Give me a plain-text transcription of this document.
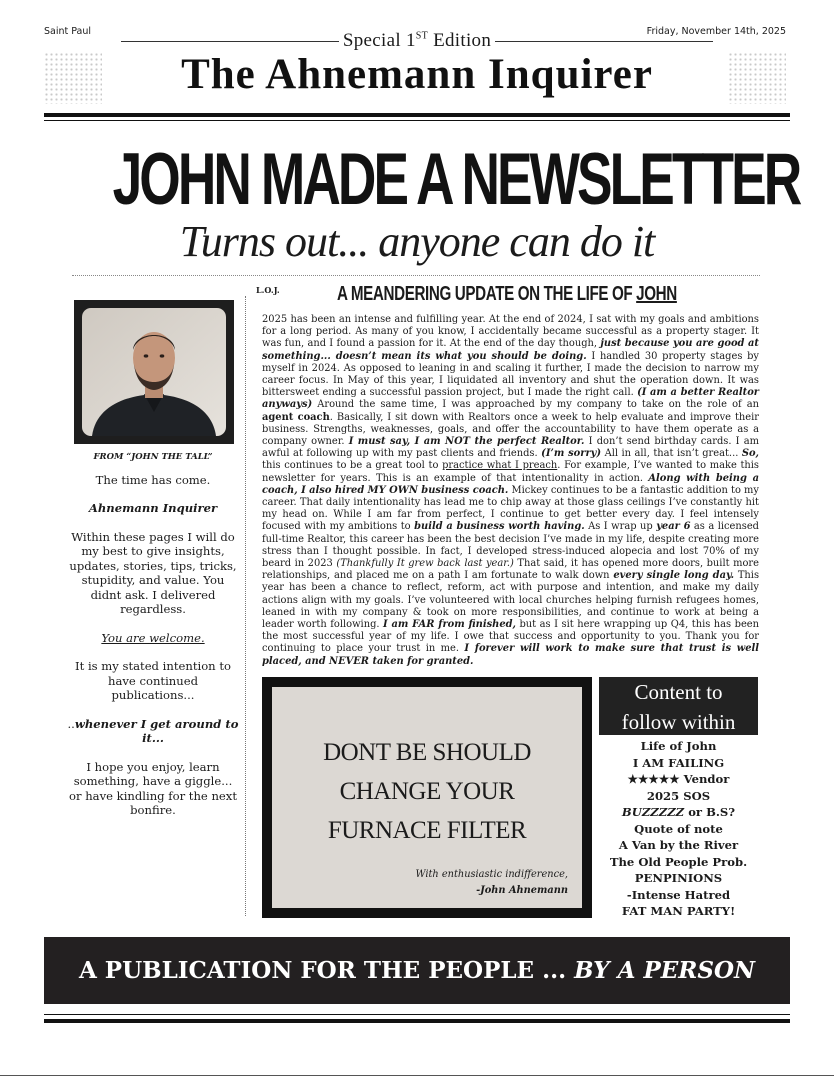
Saint Paul	Friday, November 14th, 2025
Special 1ST Edition
The Ahnemann Inquirer
JOHN MADE A NEWSLETTER
Turns out... anyone can do it

FROM “JOHN THE TALL”

The time has come.

Ahnemann Inquirer

Within these pages I will do my best to give insights, updates, stories, tips, tricks, stupidity, and value. You didnt ask. I delivered regardless.

You are welcome.

It is my stated intention to have continued publications...

..whenever I get around to it...

I hope you enjoy, learn something, have a giggle... or have kindling for the next bonfire.

L.O.J.	A MEANDERING UPDATE ON THE LIFE OF JOHN
2025 has been an intense and fulfilling year. At the end of 2024, I sat with my goals and ambitions for a long period. As many of you know, I accidentally became successful as a property stager. It was fun, and I found a passion for it. At the end of the day though, just because you are good at something... doesn’t mean its what you should be doing. I handled 30 property stages by myself in 2024. As opposed to leaning in and scaling it further, I made the decision to narrow my career focus. In May of this year, I liquidated all inventory and shut the operation down. It was bittersweet ending a successful passion project, but I made the right call. (I am a better Realtor anyways) Around the same time, I was approached by my company to take on the role of an agent coach. Basically, I sit down with Realtors once a week to help evaluate and improve their business. Strengths, weaknesses, goals, and offer the accountability to have them operate as a company owner. I must say, I am NOT the perfect Realtor. I don’t send birthday cards. I am awful at following up with my past clients and friends. (I’m sorry) All in all, that isn’t great... So, this continues to be a great tool to practice what I preach. For example, I’ve wanted to make this newsletter for years. This is an example of that intentionality in action. Along with being a coach, I also hired MY OWN business coach. Mickey continues to be a fantastic addition to my career. That daily intentionality has lead me to chip away at those glass ceilings I’ve constantly hit my head on. While I am far from perfect, I continue to get better every day. I feel intensely focused with my ambitions to build a business worth having. As I wrap up year 6 as a licensed full-time Realtor, this career has been the best decision I’ve made in my life, despite creating more stress than I thought possible. In fact, I developed stress-induced alopecia and lost 70% of my beard in 2023 (Thankfully It grew back last year.) That said, it has opened more doors, built more relationships, and placed me on a path I am fortunate to walk down every single long day. This year has been a chance to reflect, reform, act with purpose and intention, and make my daily actions align with my goals. I’ve volunteered with local churches helping furnish refugees homes, leaned in with my company & took on more responsibilities, and continue to work at being a leader worth following. I am FAR from finished, but as I sit here wrapping up Q4, this has been the most successful year of my life. I owe that success and opportunity to you. Thank you for continuing to place your trust in me. I forever will work to make sure that trust is well placed, and NEVER taken for granted.
DONT BE SHOULD
CHANGE YOUR
FURNACE FILTER
With enthusiastic indifference,
-John Ahnemann
Content to
follow within
Life of John
I AM FAILING
★★★★★ Vendor
2025 SOS
BUZZZZZ or B.S?
Quote of note
A Van by the River
The Old People Prob.
PENPINIONS
-Intense Hatred
FAT MAN PARTY!
A PUBLICATION FOR THE PEOPLE ... BY A PERSON
